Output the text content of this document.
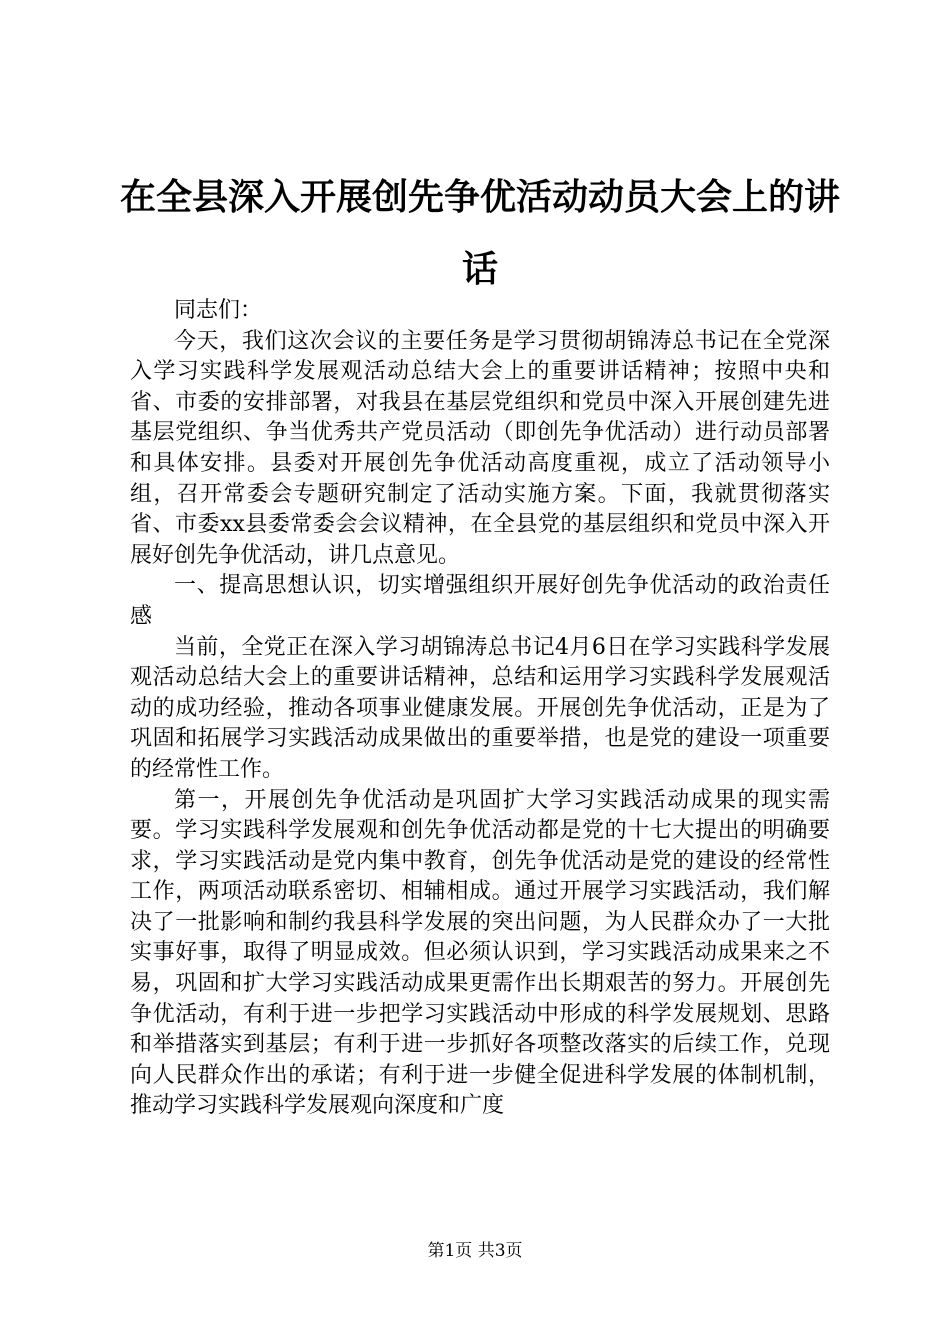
在全县深入开展创先争优活动动员大会上的讲话

同志们：

今天，我们这次会议的主要任务是学习贯彻胡锦涛总书记在全党深入学习实践科学发展观活动总结大会上的重要讲话精神；按照中央和省、市委的安排部署，对我县在基层党组织和党员中深入开展创建先进基层党组织、争当优秀共产党员活动（即创先争优活动）进行动员部署和具体安排。县委对开展创先争优活动高度重视，成立了活动领导小组，召开常委会专题研究制定了活动实施方案。下面，我就贯彻落实省、市委xx县委常委会会议精神，在全县党的基层组织和党员中深入开展好创先争优活动，讲几点意见。

一、提高思想认识，切实增强组织开展好创先争优活动的政治责任感

当前，全党正在深入学习胡锦涛总书记4月6日在学习实践科学发展观活动总结大会上的重要讲话精神，总结和运用学习实践科学发展观活动的成功经验，推动各项事业健康发展。开展创先争优活动，正是为了巩固和拓展学习实践活动成果做出的重要举措，也是党的建设一项重要的经常性工作。

第一，开展创先争优活动是巩固扩大学习实践活动成果的现实需要。学习实践科学发展观和创先争优活动都是党的十七大提出的明确要求，学习实践活动是党内集中教育，创先争优活动是党的建设的经常性工作，两项活动联系密切、相辅相成。通过开展学习实践活动，我们解决了一批影响和制约我县科学发展的突出问题，为人民群众办了一大批实事好事，取得了明显成效。但必须认识到，学习实践活动成果来之不易，巩固和扩大学习实践活动成果更需作出长期艰苦的努力。开展创先争优活动，有利于进一步把学习实践活动中形成的科学发展规划、思路和举措落实到基层；有利于进一步抓好各项整改落实的后续工作，兑现向人民群众作出的承诺；有利于进一步健全促进科学发展的体制机制，推动学习实践科学发展观向深度和广度

第1页 共3页
